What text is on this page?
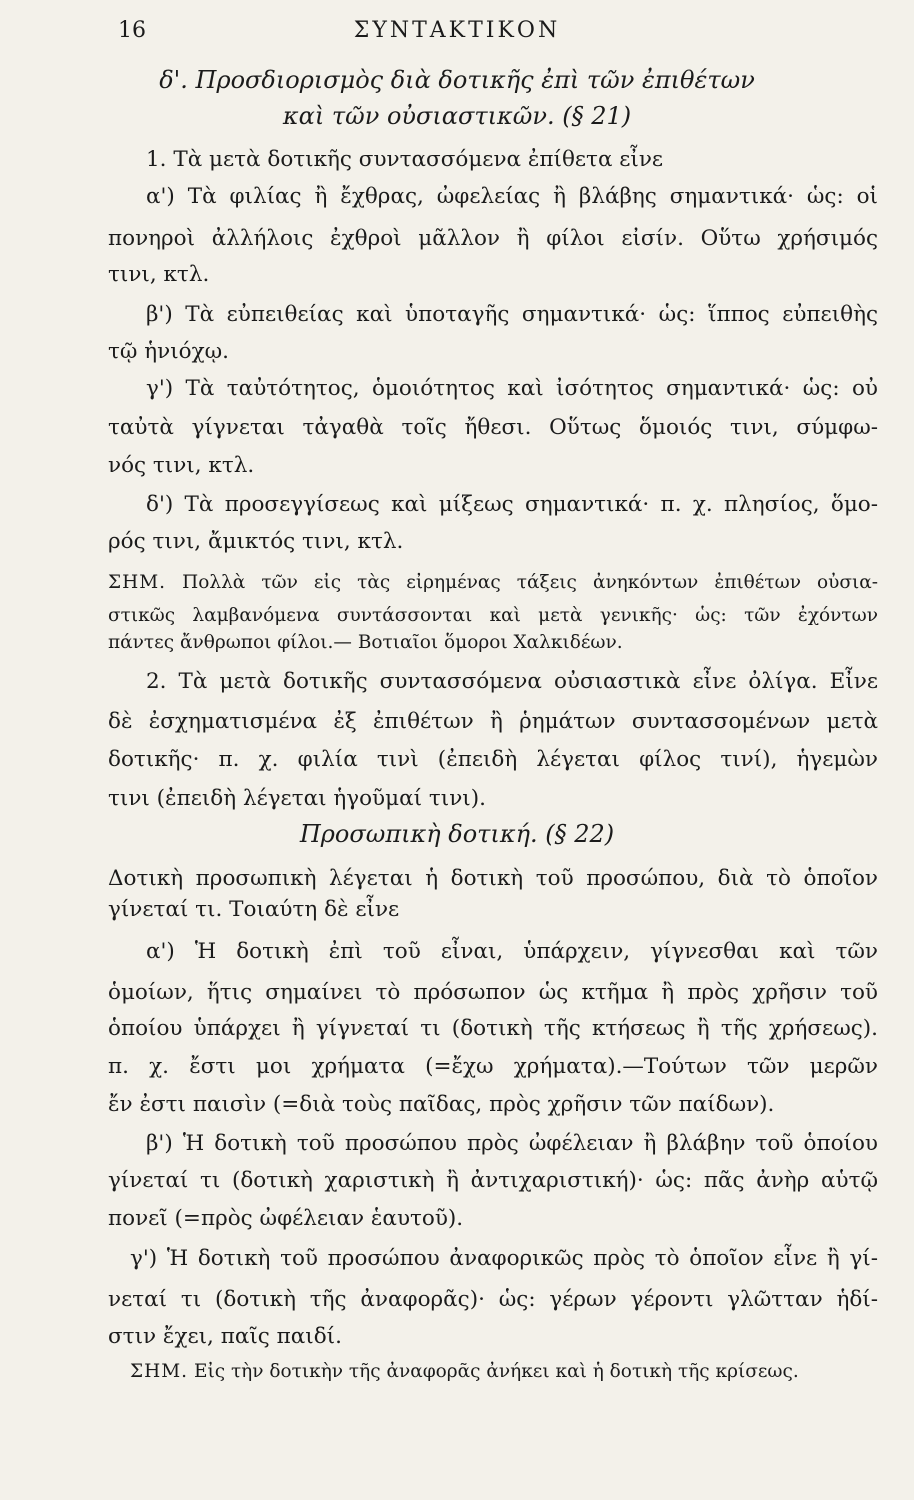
16	ΣΥΝΤΑΚΤΙΚΟΝ
δ'. Προσδιορισμὸς διὰ δοτικῆς ἐπὶ τῶν ἐπιθέτων
καὶ τῶν οὐσιαστικῶν. (§ 21)
1. Τὰ μετὰ δοτικῆς συντασσόμενα ἐπίθετα εἶνε
α') Τὰ φιλίας ἢ ἔχθρας, ὠφελείας ἢ βλάβης σημαντικά· ὡς: οἱ
πονηροὶ ἀλλήλοις ἐχθροὶ μᾶλλον ἢ φίλοι εἰσίν. Οὕτω χρήσιμός
τινι, κτλ.
β') Τὰ εὐπειθείας καὶ ὑποταγῆς σημαντικά· ὡς: ἵππος εὐπειθὴς
τῷ ἡνιόχῳ.
γ') Τὰ ταὐτότητος, ὁμοιότητος καὶ ἰσότητος σημαντικά· ὡς: οὐ
ταὐτὰ γίγνεται τἀγαθὰ τοῖς ἤθεσι. Οὕτως ὅμοιός τινι, σύμφω-
νός τινι, κτλ.
δ') Τὰ προσεγγίσεως καὶ μίξεως σημαντικά· π. χ. πλησίος, ὅμο-
ρός τινι, ἄμικτός τινι, κτλ.
ΣΗΜ. Πολλὰ τῶν εἰς τὰς εἰρημένας τάξεις ἀνηκόντων ἐπιθέτων οὐσια-
στικῶς λαμβανόμενα συντάσσονται καὶ μετὰ γενικῆς· ὡς: τῶν ἐχόντων
πάντες ἄνθρωποι φίλοι.— Βοτιαῖοι ὅμοροι Χαλκιδέων.
2. Τὰ μετὰ δοτικῆς συντασσόμενα οὐσιαστικὰ εἶνε ὀλίγα. Εἶνε
δὲ ἐσχηματισμένα ἐξ ἐπιθέτων ἢ ῥημάτων συντασσομένων μετὰ
δοτικῆς· π. χ. φιλία τινὶ (ἐπειδὴ λέγεται φίλος τινί), ἡγεμὼν
τινι (ἐπειδὴ λέγεται ἡγοῦμαί τινι).
Προσωπικὴ δοτική. (§ 22)
Δοτικὴ προσωπικὴ λέγεται ἡ δοτικὴ τοῦ προσώπου, διὰ τὸ ὁποῖον
γίνεταί τι. Τοιαύτη δὲ εἶνε
α') Ἡ δοτικὴ ἐπὶ τοῦ εἶναι, ὑπάρχειν, γίγνεσθαι καὶ τῶν
ὁμοίων, ἥτις σημαίνει τὸ πρόσωπον ὡς κτῆμα ἢ πρὸς χρῆσιν τοῦ
ὁποίου ὑπάρχει ἢ γίγνεταί τι (δοτικὴ τῆς κτήσεως ἢ τῆς χρήσεως).
π. χ. ἔστι μοι χρήματα (=ἔχω χρήματα).—Τούτων τῶν μερῶν
ἔν ἐστι παισὶν (=διὰ τοὺς παῖδας, πρὸς χρῆσιν τῶν παίδων).
β') Ἡ δοτικὴ τοῦ προσώπου πρὸς ὠφέλειαν ἢ βλάβην τοῦ ὁποίου
γίνεταί τι (δοτικὴ χαριστικὴ ἢ ἀντιχαριστική)· ὡς: πᾶς ἀνὴρ αὑτῷ
πονεῖ (=πρὸς ὠφέλειαν ἑαυτοῦ).
γ') Ἡ δοτικὴ τοῦ προσώπου ἀναφορικῶς πρὸς τὸ ὁποῖον εἶνε ἢ γί-
νεταί τι (δοτικὴ τῆς ἀναφορᾶς)· ὡς: γέρων γέροντι γλῶτταν ἡδί-
στιν ἔχει, παῖς παιδί.
ΣΗΜ. Εἰς τὴν δοτικὴν τῆς ἀναφορᾶς ἀνήκει καὶ ἡ δοτικὴ τῆς κρίσεως.
